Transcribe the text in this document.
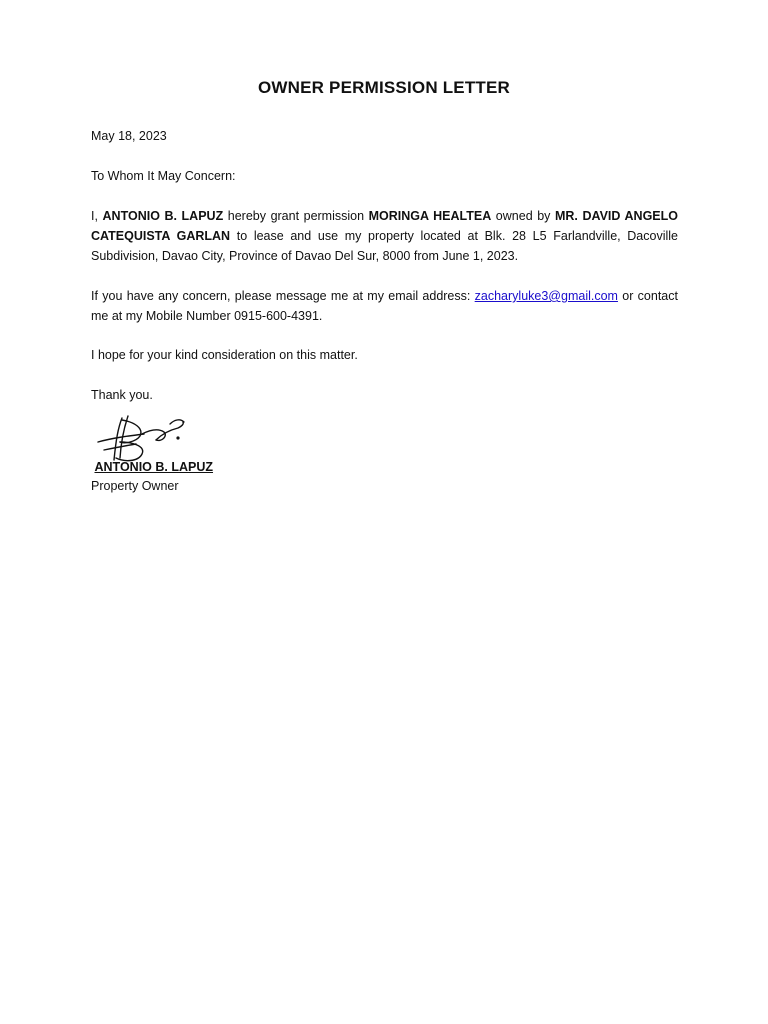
OWNER PERMISSION LETTER
May 18, 2023
To Whom It May Concern:
I, ANTONIO B. LAPUZ hereby grant permission MORINGA HEALTEA owned by MR. DAVID ANGELO CATEQUISTA GARLAN to lease and use my property located at Blk. 28 L5 Farlandville, Dacoville Subdivision, Davao City, Province of Davao Del Sur, 8000 from June 1, 2023.
If you have any concern, please message me at my email address: zacharyluke3@gmail.com or contact me at my Mobile Number 0915-600-4391.
I hope for your kind consideration on this matter.
Thank you.
ANTONIO B. LAPUZ
Property Owner
